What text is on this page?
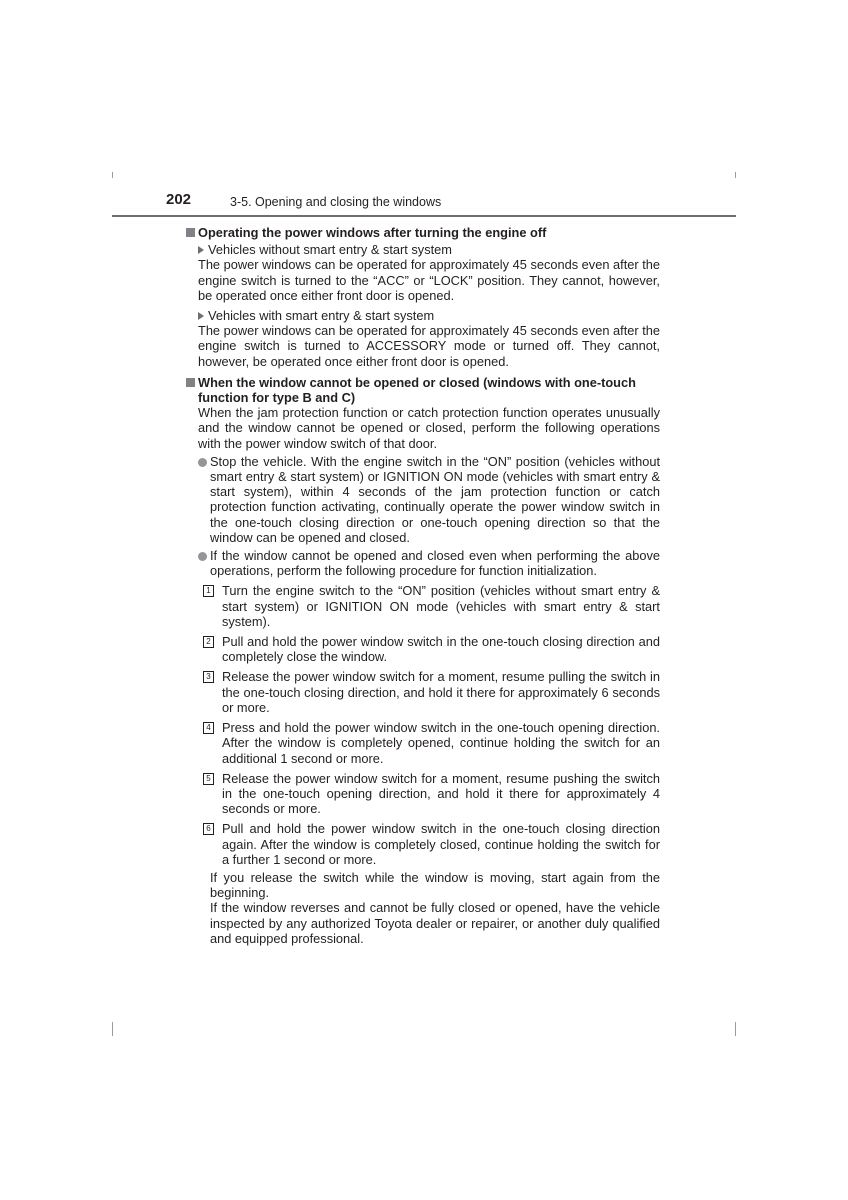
202	3-5. Opening and closing the windows
Operating the power windows after turning the engine off
Vehicles without smart entry & start system
The power windows can be operated for approximately 45 seconds even after the engine switch is turned to the “ACC” or “LOCK” position. They cannot, however, be operated once either front door is opened.
Vehicles with smart entry & start system
The power windows can be operated for approximately 45 seconds even after the engine switch is turned to ACCESSORY mode or turned off. They cannot, however, be operated once either front door is opened.
When the window cannot be opened or closed (windows with one-touch function for type B and C)
When the jam protection function or catch protection function operates unusually and the window cannot be opened or closed, perform the following operations with the power window switch of that door.
Stop the vehicle. With the engine switch in the “ON” position (vehicles without smart entry & start system) or IGNITION ON mode (vehicles with smart entry & start system), within 4 seconds of the jam protection function or catch protection function activating, continually operate the power window switch in the one-touch closing direction or one-touch opening direction so that the window can be opened and closed.
If the window cannot be opened and closed even when performing the above operations, perform the following procedure for function initialization.
1 Turn the engine switch to the “ON” position (vehicles without smart entry & start system) or IGNITION ON mode (vehicles with smart entry & start system).
2 Pull and hold the power window switch in the one-touch closing direction and completely close the window.
3 Release the power window switch for a moment, resume pulling the switch in the one-touch closing direction, and hold it there for approximately 6 seconds or more.
4 Press and hold the power window switch in the one-touch opening direction. After the window is completely opened, continue holding the switch for an additional 1 second or more.
5 Release the power window switch for a moment, resume pushing the switch in the one-touch opening direction, and hold it there for approximately 4 seconds or more.
6 Pull and hold the power window switch in the one-touch closing direction again. After the window is completely closed, continue holding the switch for a further 1 second or more.
If you release the switch while the window is moving, start again from the beginning.
If the window reverses and cannot be fully closed or opened, have the vehicle inspected by any authorized Toyota dealer or repairer, or another duly qualified and equipped professional.
